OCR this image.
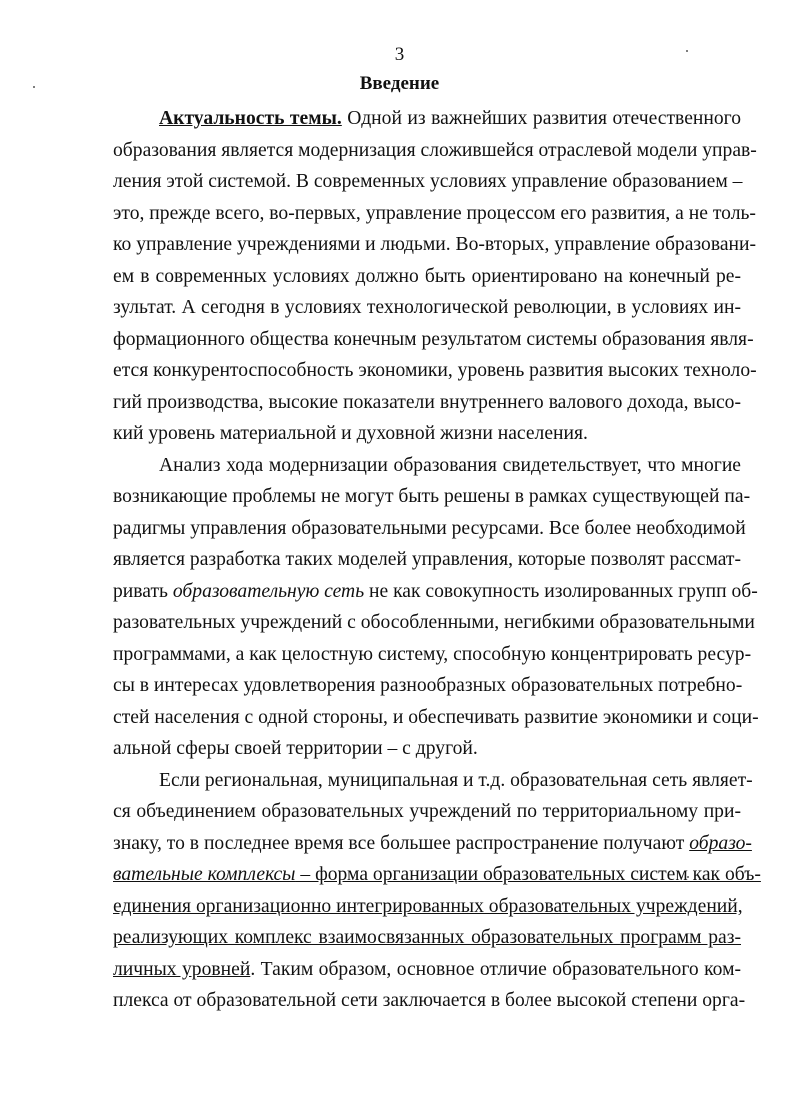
3
Введение
Актуальность темы. Одной из важнейших развития отечественного
образования является модернизация сложившейся отраслевой модели управ-
ления этой системой. В современных условиях управление образованием –
это, прежде всего, во-первых, управление процессом его развития, а не толь-
ко управление учреждениями и людьми. Во-вторых, управление образовани-
ем в современных условиях должно быть ориентировано на конечный ре-
зультат. А сегодня в условиях технологической революции, в условиях ин-
формационного общества конечным результатом системы образования явля-
ется конкурентоспособность экономики, уровень развития высоких техноло-
гий производства, высокие показатели внутреннего валового дохода, высо-
кий уровень материальной и духовной жизни населения.
Анализ хода модернизации образования свидетельствует, что многие
возникающие проблемы не могут быть решены в рамках существующей па-
радигмы управления образовательными ресурсами. Все более необходимой
является разработка таких моделей управления, которые позволят рассмат-
ривать образовательную сеть не как совокупность изолированных групп об-
разовательных учреждений с обособленными, негибкими образовательными
программами, а как целостную систему, способную концентрировать ресур-
сы в интересах удовлетворения разнообразных образовательных потребно-
стей населения с одной стороны, и обеспечивать развитие экономики и соци-
альной сферы своей территории – с другой.
Если региональная, муниципальная и т.д. образовательная сеть являет-
ся объединением образовательных учреждений по территориальному при-
знаку, то в последнее время все большее распространение получают образо-
вательные комплексы – форма организации образовательных систем как объ-
единения организационно интегрированных образовательных учреждений,
реализующих комплекс взаимосвязанных образовательных программ раз-
личных уровней. Таким образом, основное отличие образовательного ком-
плекса от образовательной сети заключается в более высокой степени орга-
